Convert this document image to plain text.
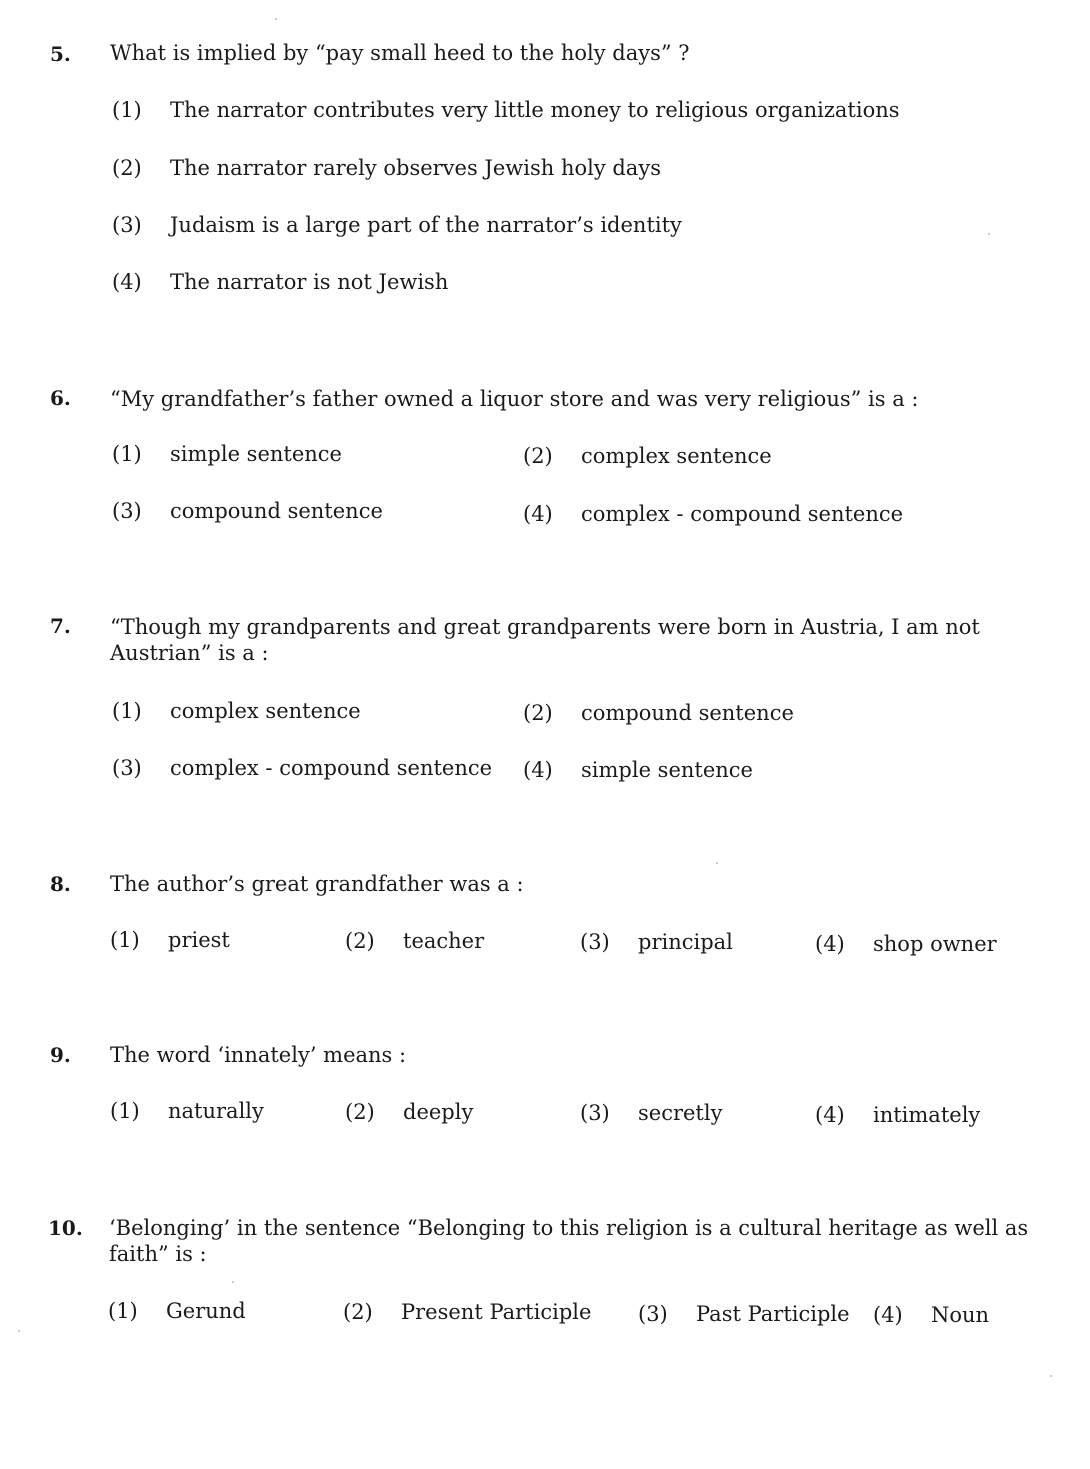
5.	What is implied by “pay small heed to the holy days” ?
(1) The narrator contributes very little money to religious organizations
(2) The narrator rarely observes Jewish holy days
(3) Judaism is a large part of the narrator’s identity
(4) The narrator is not Jewish
6.	“My grandfather’s father owned a liquor store and was very religious” is a :
(1) simple sentence	(2) complex sentence
(3) compound sentence	(4) complex - compound sentence
7.	“Though my grandparents and great grandparents were born in Austria, I am not Austrian” is a :
(1) complex sentence	(2) compound sentence
(3) complex - compound sentence (4) simple sentence
8.	The author’s great grandfather was a :
(1) priest	(2) teacher	(3) principal	(4) shop owner
9.	The word ‘innately’ means :
(1) naturally	(2) deeply	(3) secretly	(4) intimately
10. ‘Belonging’ in the sentence “Belonging to this religion is a cultural heritage as well as faith” is :
(1) Gerund	(2) Present Participle (3) Past Participle (4) Noun
